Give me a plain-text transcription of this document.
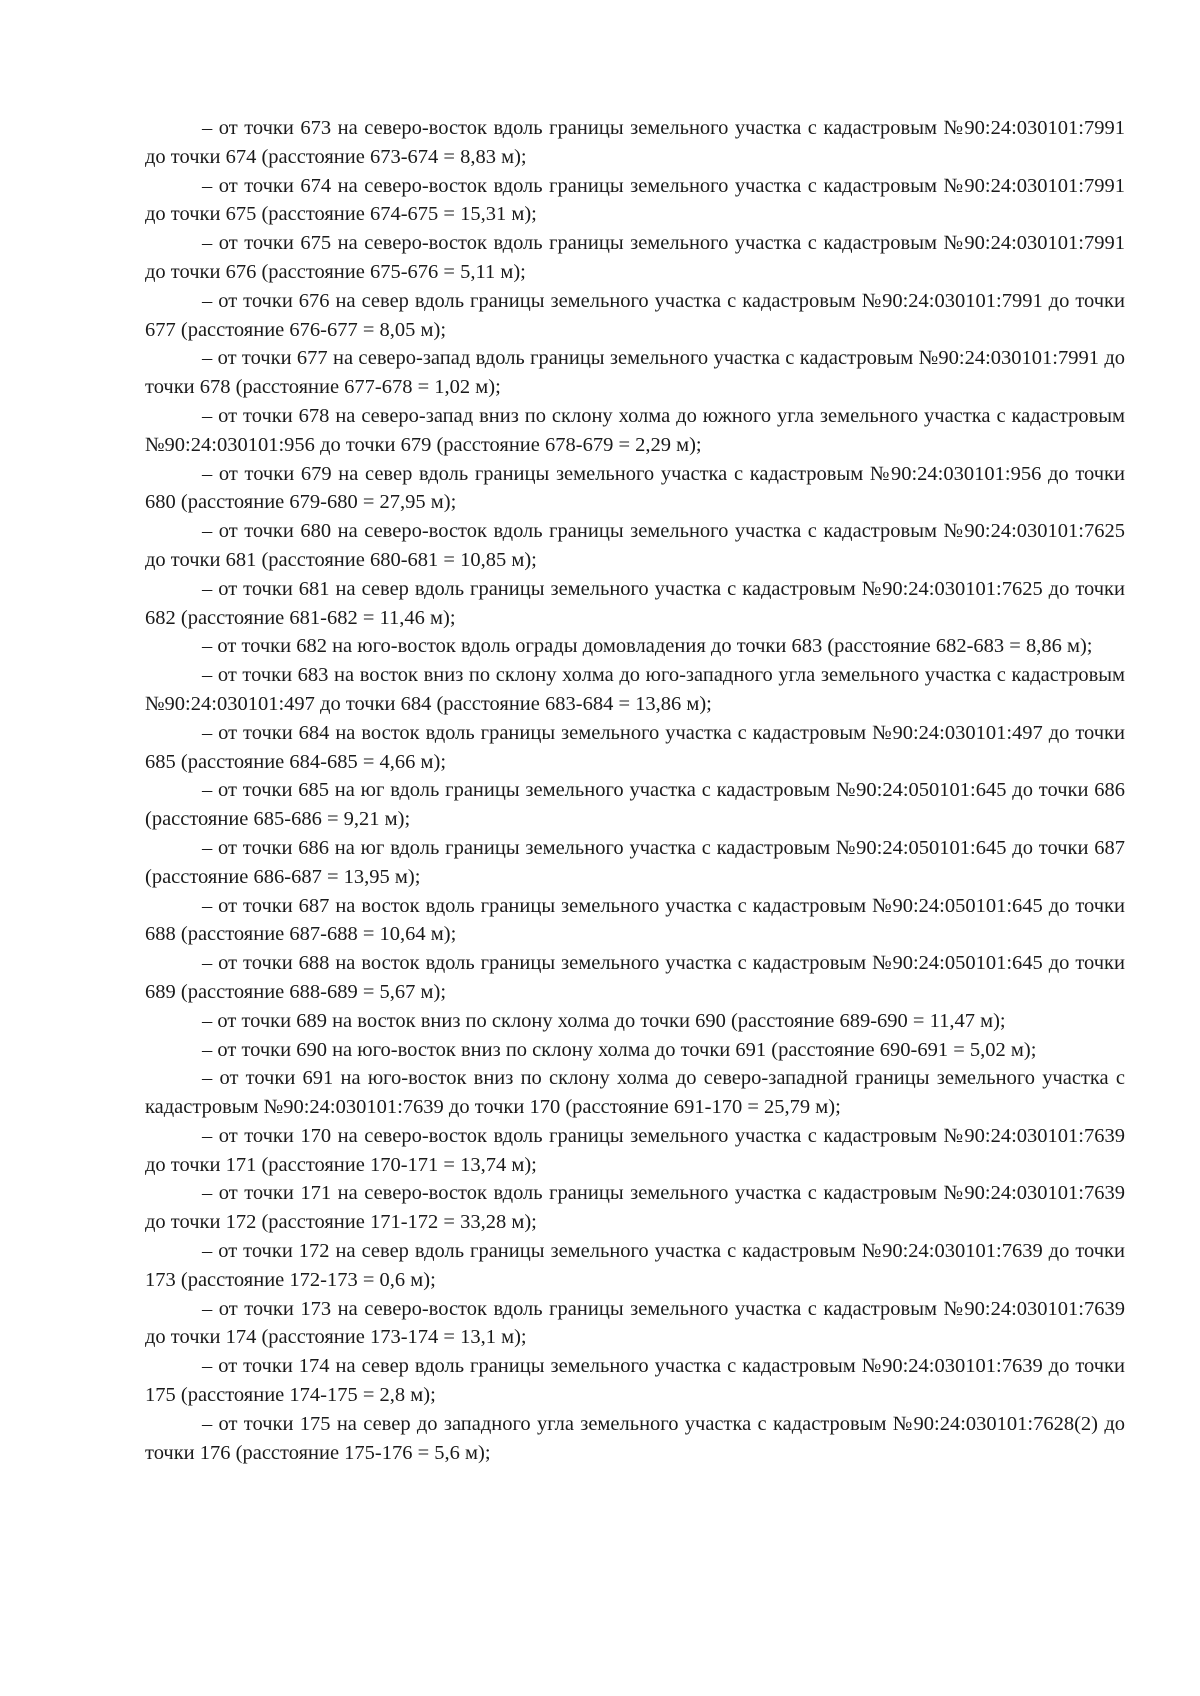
– от точки 673 на северо-восток вдоль границы земельного участка с кадастровым №90:24:030101:7991 до точки 674 (расстояние 673-674 = 8,83 м);

– от точки 674 на северо-восток вдоль границы земельного участка с кадастровым №90:24:030101:7991 до точки 675 (расстояние 674-675 = 15,31 м);

– от точки 675 на северо-восток вдоль границы земельного участка с кадастровым №90:24:030101:7991 до точки 676 (расстояние 675-676 = 5,11 м);

– от точки 676 на север вдоль границы земельного участка с кадастровым №90:24:030101:7991 до точки 677 (расстояние 676-677 = 8,05 м);

– от точки 677 на северо-запад вдоль границы земельного участка с кадастровым №90:24:030101:7991 до точки 678 (расстояние 677-678 = 1,02 м);

– от точки 678 на северо-запад вниз по склону холма до южного угла земельного участка с кадастровым №90:24:030101:956 до точки 679 (расстояние 678-679 = 2,29 м);

– от точки 679 на север вдоль границы земельного участка с кадастровым №90:24:030101:956 до точки 680 (расстояние 679-680 = 27,95 м);

– от точки 680 на северо-восток вдоль границы земельного участка с кадастровым №90:24:030101:7625 до точки 681 (расстояние 680-681 = 10,85 м);

– от точки 681 на север вдоль границы земельного участка с кадастровым №90:24:030101:7625 до точки 682 (расстояние 681-682 = 11,46 м);

– от точки 682 на юго-восток вдоль ограды домовладения до точки 683 (расстояние 682-683 = 8,86 м);

– от точки 683 на восток вниз по склону холма до юго-западного угла земельного участка с кадастровым №90:24:030101:497 до точки 684 (расстояние 683-684 = 13,86 м);

– от точки 684 на восток вдоль границы земельного участка с кадастровым №90:24:030101:497 до точки 685 (расстояние 684-685 = 4,66 м);

– от точки 685 на юг вдоль границы земельного участка с кадастровым №90:24:050101:645 до точки 686 (расстояние 685-686 = 9,21 м);

– от точки 686 на юг вдоль границы земельного участка с кадастровым №90:24:050101:645 до точки 687 (расстояние 686-687 = 13,95 м);

– от точки 687 на восток вдоль границы земельного участка с кадастровым №90:24:050101:645 до точки 688 (расстояние 687-688 = 10,64 м);

– от точки 688 на восток вдоль границы земельного участка с кадастровым №90:24:050101:645 до точки 689 (расстояние 688-689 = 5,67 м);

– от точки 689 на восток вниз по склону холма до точки 690 (расстояние 689-690 = 11,47 м);

– от точки 690 на юго-восток вниз по склону холма до точки 691 (расстояние 690-691 = 5,02 м);

– от точки 691 на юго-восток вниз по склону холма до северо-западной границы земельного участка с кадастровым №90:24:030101:7639 до точки 170 (расстояние 691-170 = 25,79 м);

– от точки 170 на северо-восток вдоль границы земельного участка с кадастровым №90:24:030101:7639 до точки 171 (расстояние 170-171 = 13,74 м);

– от точки 171 на северо-восток вдоль границы земельного участка с кадастровым №90:24:030101:7639 до точки 172 (расстояние 171-172 = 33,28 м);

– от точки 172 на север вдоль границы земельного участка с кадастровым №90:24:030101:7639 до точки 173 (расстояние 172-173 = 0,6 м);

– от точки 173 на северо-восток вдоль границы земельного участка с кадастровым №90:24:030101:7639 до точки 174 (расстояние 173-174 = 13,1 м);

– от точки 174 на север вдоль границы земельного участка с кадастровым №90:24:030101:7639 до точки 175 (расстояние 174-175 = 2,8 м);

– от точки 175 на север до западного угла земельного участка с кадастровым №90:24:030101:7628(2) до точки 176 (расстояние 175-176 = 5,6 м);
